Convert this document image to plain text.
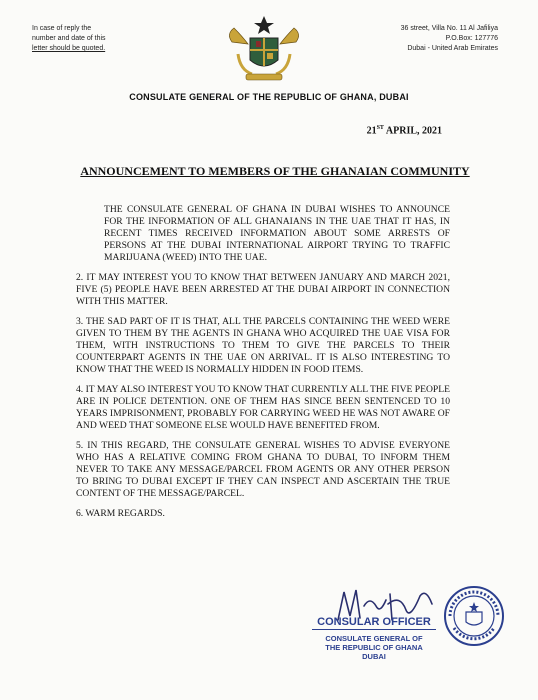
In case of reply the
number and date of this
letter should be quoted.
36 street, Villa No. 11 Al Jafiliya
P.O.Box: 127776
Dubai - United Arab Emirates
CONSULATE GENERAL OF THE REPUBLIC OF GHANA, DUBAI
21ST APRIL, 2021
ANNOUNCEMENT TO MEMBERS OF THE GHANAIAN COMMUNITY

THE CONSULATE GENERAL OF GHANA IN DUBAI WISHES TO ANNOUNCE FOR THE INFORMATION OF ALL GHANAIANS IN THE UAE THAT IT HAS, IN RECENT TIMES RECEIVED INFORMATION ABOUT SOME ARRESTS OF PERSONS AT THE DUBAI INTERNATIONAL AIRPORT TRYING TO TRAFFIC MARIJUANA (WEED) INTO THE UAE.

2. IT MAY INTEREST YOU TO KNOW THAT BETWEEN JANUARY AND MARCH 2021, FIVE (5) PEOPLE HAVE BEEN ARRESTED AT THE DUBAI AIRPORT IN CONNECTION WITH THIS MATTER.

3. THE SAD PART OF IT IS THAT, ALL THE PARCELS CONTAINING THE WEED WERE GIVEN TO THEM BY THE AGENTS IN GHANA WHO ACQUIRED THE UAE VISA FOR THEM, WITH INSTRUCTIONS TO THEM TO GIVE THE PARCELS TO THEIR COUNTERPART AGENTS IN THE UAE ON ARRIVAL. IT IS ALSO INTERESTING TO KNOW THAT THE WEED IS NORMALLY HIDDEN IN FOOD ITEMS.

4. IT MAY ALSO INTEREST YOU TO KNOW THAT CURRENTLY ALL THE FIVE PEOPLE ARE IN POLICE DETENTION. ONE OF THEM HAS SINCE BEEN SENTENCED TO 10 YEARS IMPRISONMENT, PROBABLY FOR CARRYING WEED HE WAS NOT AWARE OF AND WEED THAT SOMEONE ELSE WOULD HAVE BENEFITED FROM.

5. IN THIS REGARD, THE CONSULATE GENERAL WISHES TO ADVISE EVERYONE WHO HAS A RELATIVE COMING FROM GHANA TO DUBAI, TO INFORM THEM NEVER TO TAKE ANY MESSAGE/PARCEL FROM AGENTS OR ANY OTHER PERSON TO BRING TO DUBAI EXCEPT IF THEY CAN INSPECT AND ASCERTAIN THE TRUE CONTENT OF THE MESSAGE/PARCEL.

6. WARM REGARDS.

CONSULAR OFFICER
CONSULATE GENERAL OF
THE REPUBLIC OF GHANA
DUBAI
